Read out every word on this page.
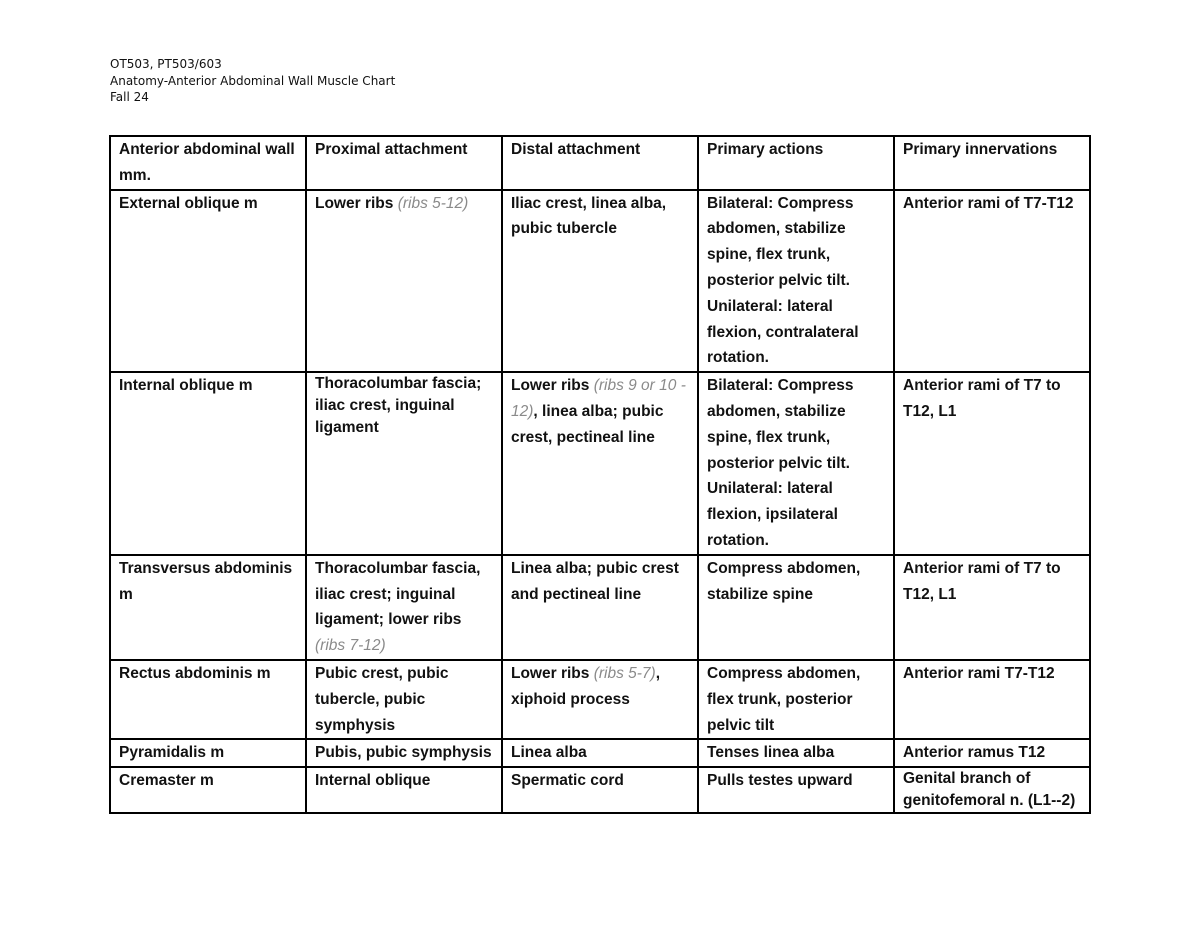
OT503, PT503/603
Anatomy-Anterior Abdominal Wall Muscle Chart
Fall 24
Anterior abdominal wall mm.	Proximal attachment	Distal attachment	Primary actions	Primary innervations
External oblique m	Lower ribs (ribs 5-12)	Iliac crest, linea alba, pubic tubercle	Bilateral: Compress abdomen, stabilize spine, flex trunk, posterior pelvic tilt. Unilateral: lateral flexion, contralateral rotation.	Anterior rami of T7-T12
Internal oblique m	Thoracolumbar fascia; iliac crest, inguinal ligament	Lower ribs (ribs 9 or 10 - 12), linea alba; pubic crest, pectineal line	Bilateral: Compress abdomen, stabilize spine, flex trunk, posterior pelvic tilt. Unilateral: lateral flexion, ipsilateral rotation.	Anterior rami of T7 to T12, L1
Transversus abdominis m	Thoracolumbar fascia, iliac crest; inguinal ligament; lower ribs (ribs 7-12)	Linea alba; pubic crest and pectineal line	Compress abdomen, stabilize spine	Anterior rami of T7 to T12, L1
Rectus abdominis m	Pubic crest, pubic tubercle, pubic symphysis	Lower ribs (ribs 5-7), xiphoid process	Compress abdomen, flex trunk, posterior pelvic tilt	Anterior rami T7-T12
Pyramidalis m	Pubis, pubic symphysis	Linea alba	Tenses linea alba	Anterior ramus T12
Cremaster m	Internal oblique	Spermatic cord	Pulls testes upward	Genital branch of genitofemoral n. (L1--2)
